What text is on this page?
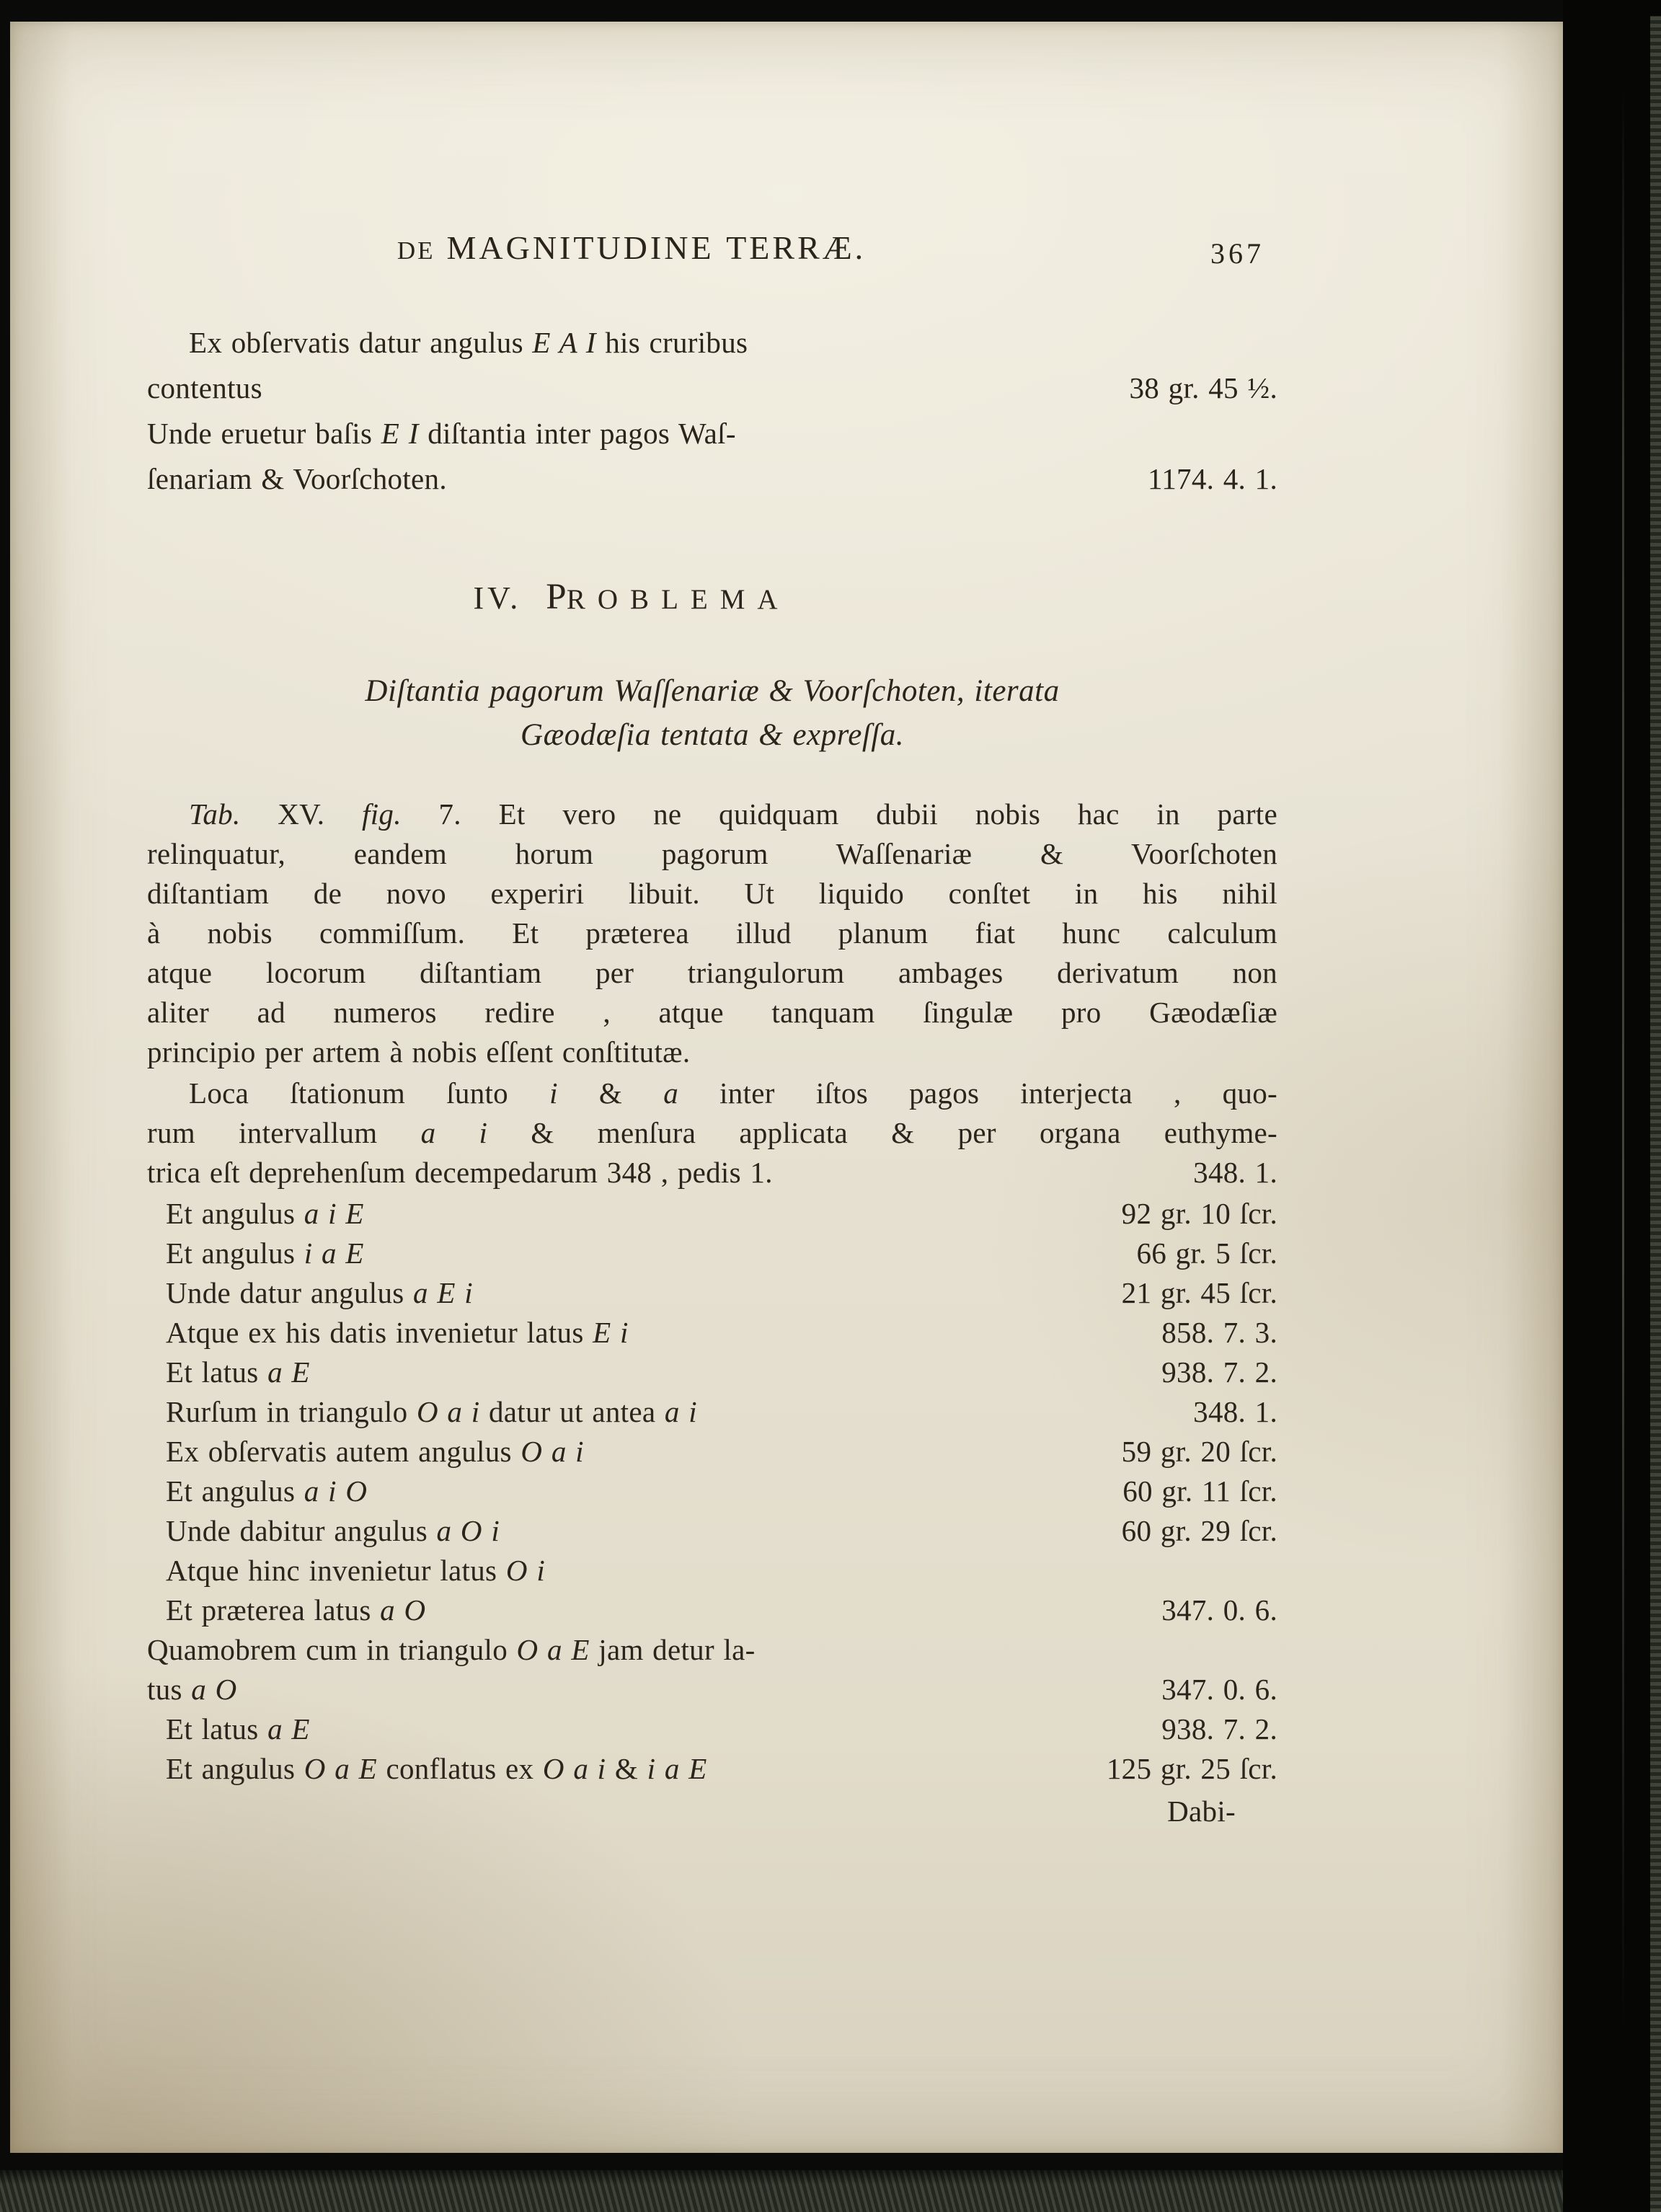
DE MAGNITUDINE TERRÆ.	367
Ex obſervatis datur angulus E A I his cruribus
contentus	38 gr. 45 ½.
Unde eruetur baſis E I diſtantia inter pagos Waſ-
ſenariam & Voorſchoten.	1174. 4. 1.
IV. PROBLEMA
Diſtantia pagorum Waſſenariæ & Voorſchoten, iterata
Gæodæſia tentata & expreſſa.
Tab. XV. fig. 7. Et vero ne quidquam dubii nobis hac in parte
relinquatur, eandem horum pagorum Waſſenariæ & Voorſchoten
diſtantiam de novo experiri libuit. Ut liquido conſtet in his nihil
à nobis commiſſum. Et præterea illud planum fiat hunc calculum
atque locorum diſtantiam per triangulorum ambages derivatum non
aliter ad numeros redire , atque tanquam ſingulæ pro Gæodæſiæ
principio per artem à nobis eſſent conſtitutæ.
Loca ſtationum ſunto i & a inter iſtos pagos interjecta , quo-
rum intervallum a i & menſura applicata & per organa euthyme-
trica eſt deprehenſum decempedarum 348 , pedis 1.	348. 1.
Et angulus a i E	92 gr. 10 ſcr.
Et angulus i a E	66 gr. 5 ſcr.
Unde datur angulus a E i	21 gr. 45 ſcr.
Atque ex his datis invenietur latus E i	858. 7. 3.
Et latus a E	938. 7. 2.
Rurſum in triangulo O a i datur ut antea a i	348. 1.
Ex obſervatis autem angulus O a i	59 gr. 20 ſcr.
Et angulus a i O	60 gr. 11 ſcr.
Unde dabitur angulus a O i	60 gr. 29 ſcr.
Atque hinc invenietur latus O i
Et præterea latus a O	347. 0. 6.
Quamobrem cum in triangulo O a E jam detur la-
tus a O	347. 0. 6.
Et latus a E	938. 7. 2.
Et angulus O a E conflatus ex O a i & i a E	125 gr. 25 ſcr.
Dabi-
